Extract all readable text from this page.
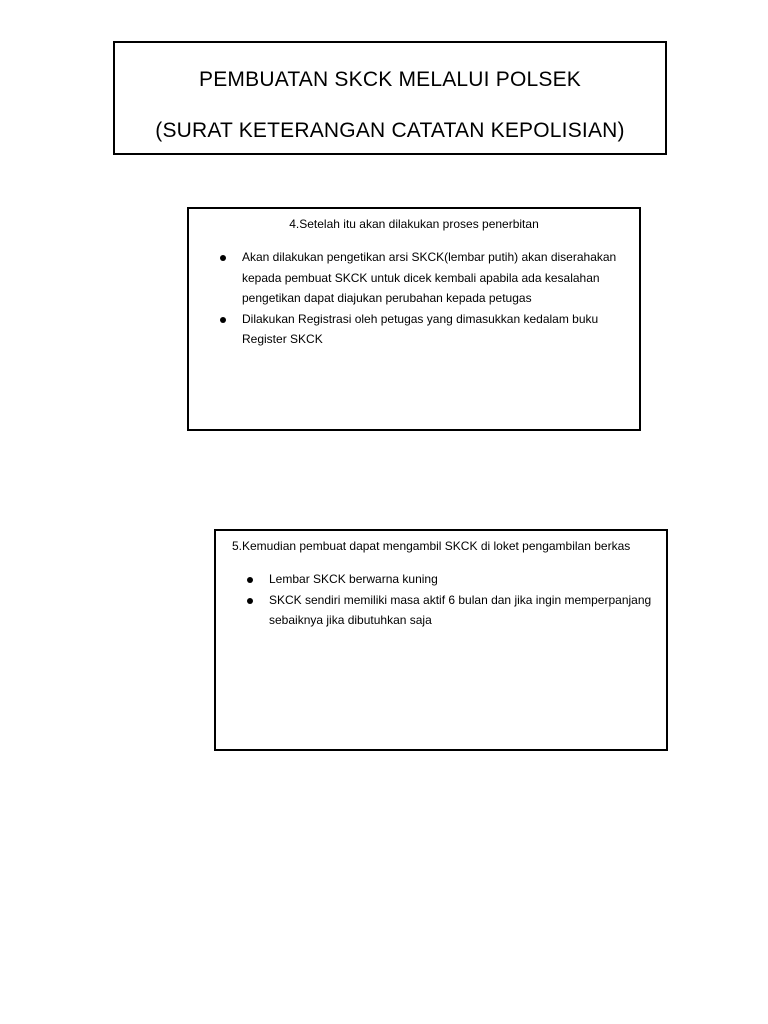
PEMBUATAN SKCK MELALUI POLSEK
(SURAT KETERANGAN CATATAN KEPOLISIAN)
4.Setelah itu akan dilakukan proses penerbitan
Akan dilakukan pengetikan arsi SKCK(lembar putih) akan diserahakan kepada pembuat SKCK untuk dicek kembali apabila ada kesalahan pengetikan dapat diajukan perubahan kepada petugas
Dilakukan Registrasi oleh petugas yang dimasukkan kedalam buku Register SKCK
5.Kemudian pembuat dapat mengambil SKCK di loket pengambilan berkas
Lembar SKCK berwarna kuning
SKCK sendiri memiliki masa aktif 6 bulan dan jika ingin memperpanjang sebaiknya jika dibutuhkan saja
